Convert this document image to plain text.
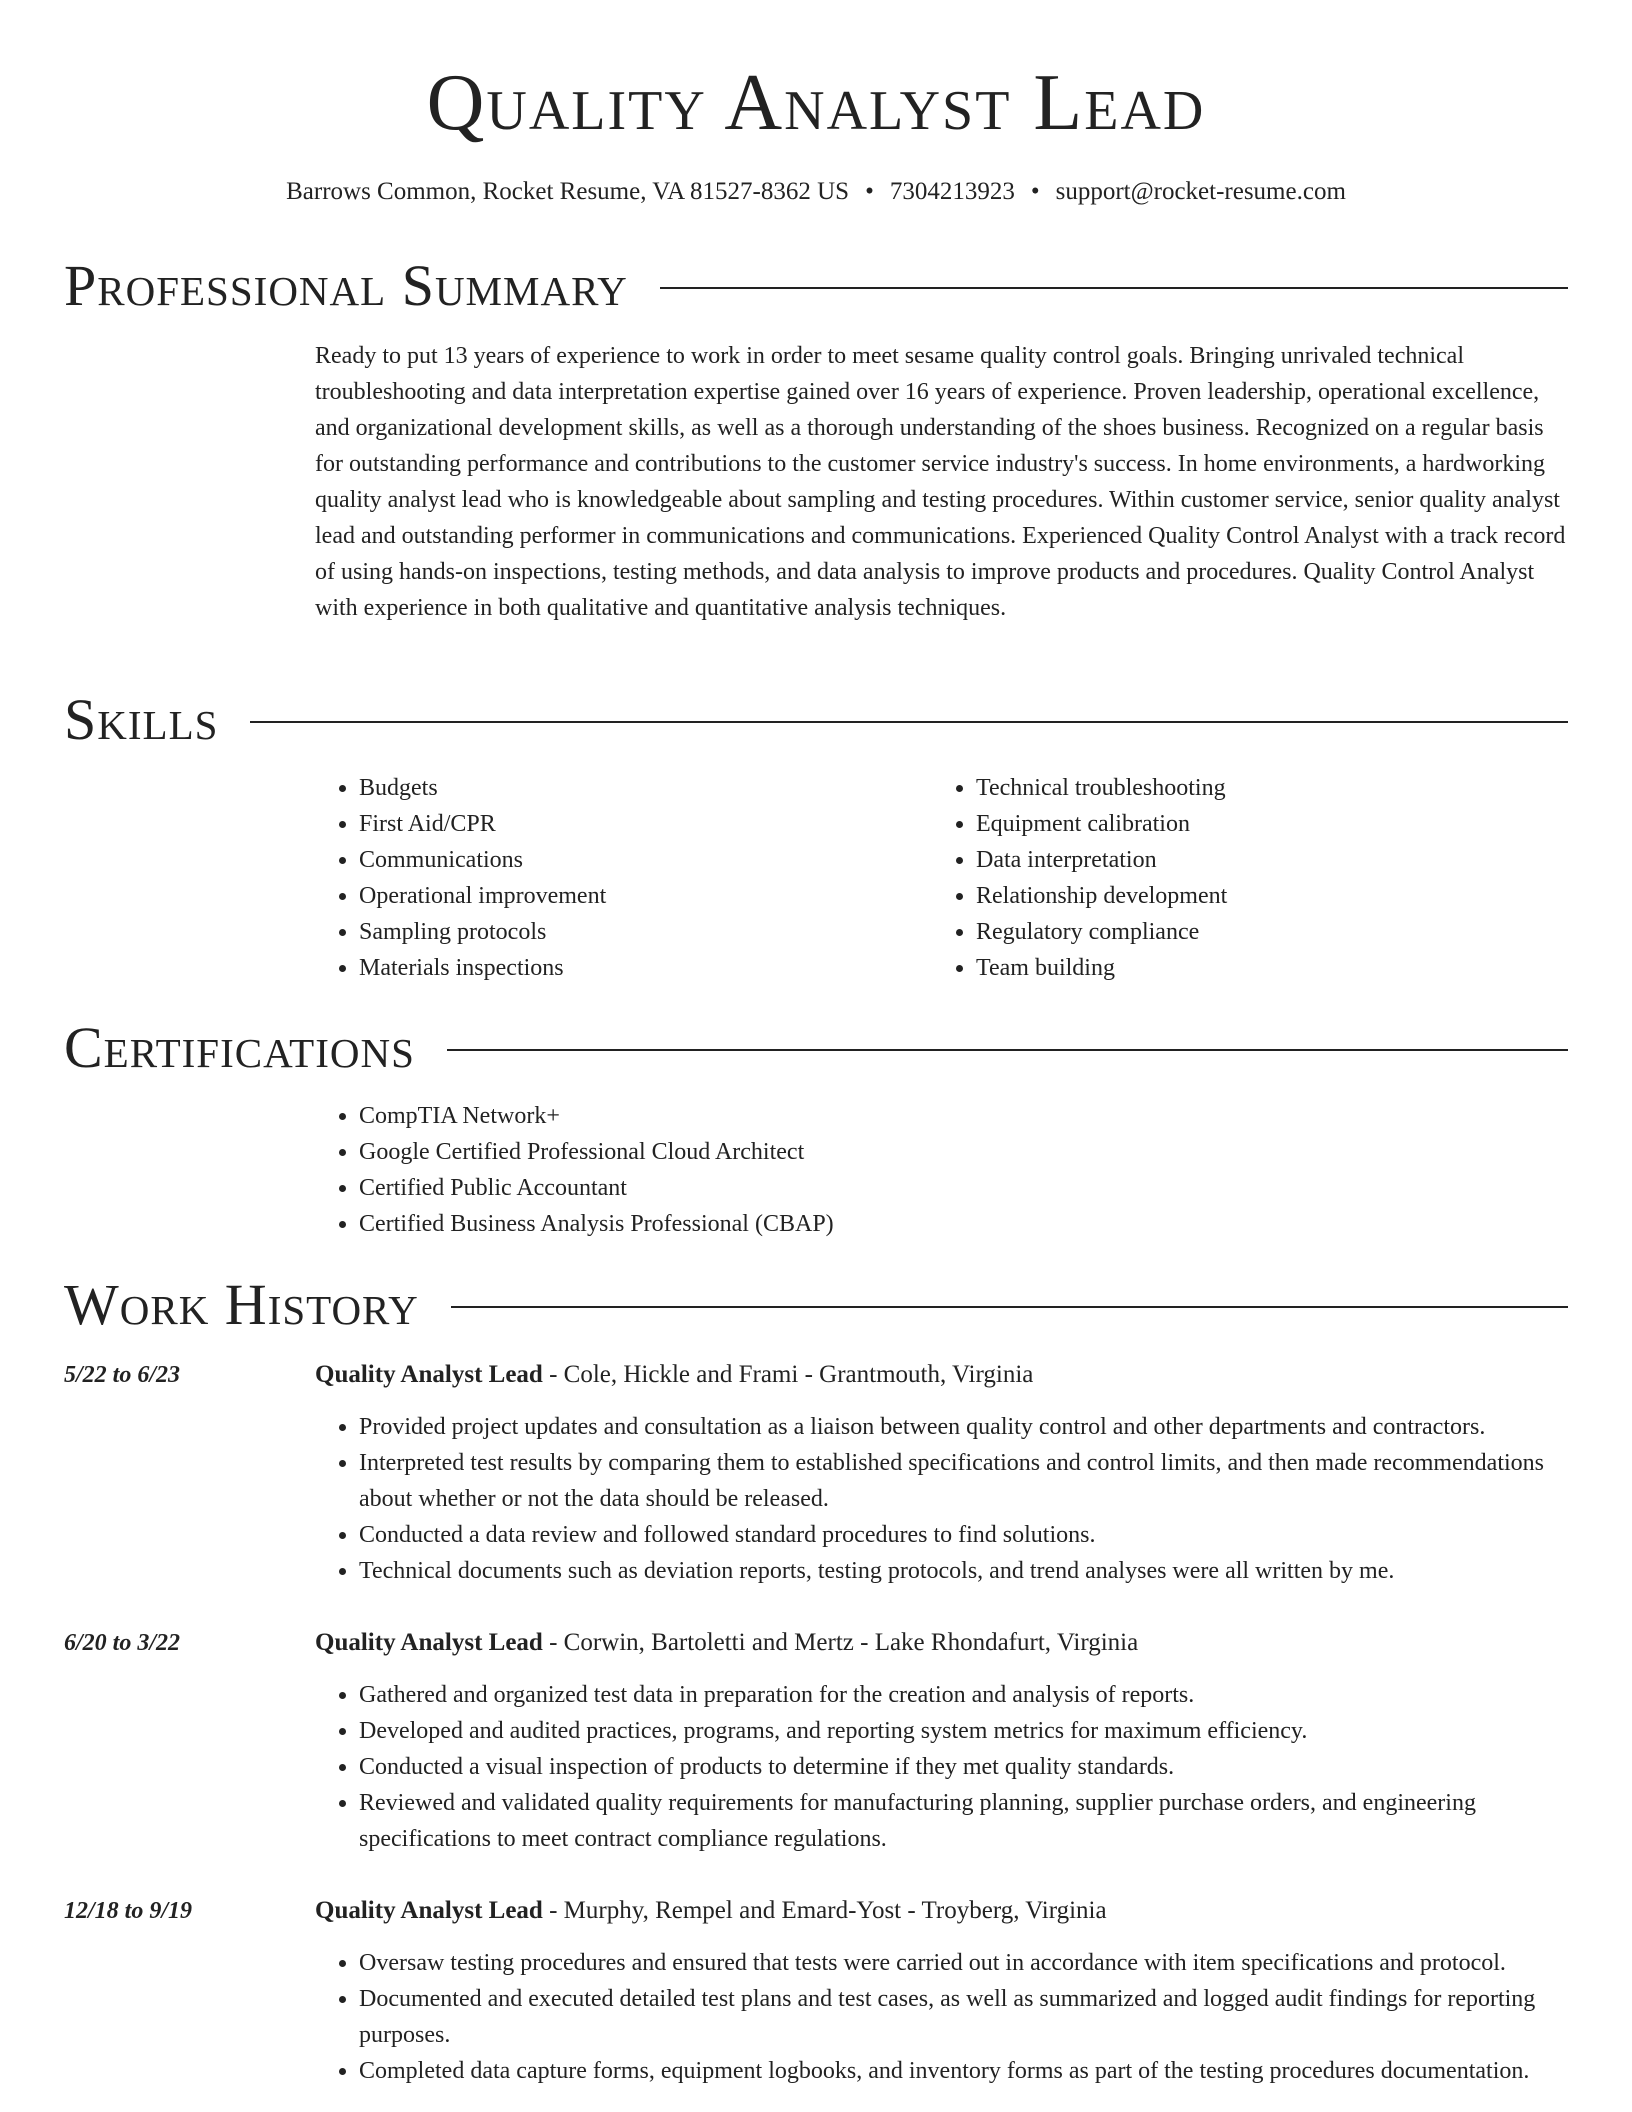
Quality Analyst Lead
Barrows Common, Rocket Resume, VA 81527-8362 US • 7304213923 • support@rocket-resume.com
Professional Summary

Ready to put 13 years of experience to work in order to meet sesame quality control goals. Bringing unrivaled technical troubleshooting and data interpretation expertise gained over 16 years of experience. Proven leadership, operational excellence, and organizational development skills, as well as a thorough understanding of the shoes business. Recognized on a regular basis for outstanding performance and contributions to the customer service industry's success. In home environments, a hardworking quality analyst lead who is knowledgeable about sampling and testing procedures. Within customer service, senior quality analyst lead and outstanding performer in communications and communications. Experienced Quality Control Analyst with a track record of using hands-on inspections, testing methods, and data analysis to improve products and procedures. Quality Control Analyst with experience in both qualitative and quantitative analysis techniques.

Skills
• Budgets
• First Aid/CPR
• Communications
• Operational improvement
• Sampling protocols
• Materials inspections
• Technical troubleshooting
• Equipment calibration
• Data interpretation
• Relationship development
• Regulatory compliance
• Team building
Certifications
• CompTIA Network+
• Google Certified Professional Cloud Architect
• Certified Public Accountant
• Certified Business Analysis Professional (CBAP)
Work History
5/22 to 6/23	Quality Analyst Lead - Cole, Hickle and Frami - Grantmouth, Virginia
• Provided project updates and consultation as a liaison between quality control and other departments and contractors.
• Interpreted test results by comparing them to established specifications and control limits, and then made recommendations about whether or not the data should be released.
• Conducted a data review and followed standard procedures to find solutions.
• Technical documents such as deviation reports, testing protocols, and trend analyses were all written by me.
6/20 to 3/22	Quality Analyst Lead - Corwin, Bartoletti and Mertz - Lake Rhondafurt, Virginia
• Gathered and organized test data in preparation for the creation and analysis of reports.
• Developed and audited practices, programs, and reporting system metrics for maximum efficiency.
• Conducted a visual inspection of products to determine if they met quality standards.
• Reviewed and validated quality requirements for manufacturing planning, supplier purchase orders, and engineering specifications to meet contract compliance regulations.
12/18 to 9/19	Quality Analyst Lead - Murphy, Rempel and Emard-Yost - Troyberg, Virginia
• Oversaw testing procedures and ensured that tests were carried out in accordance with item specifications and protocol.
• Documented and executed detailed test plans and test cases, as well as summarized and logged audit findings for reporting purposes.
• Completed data capture forms, equipment logbooks, and inventory forms as part of the testing procedures documentation.
